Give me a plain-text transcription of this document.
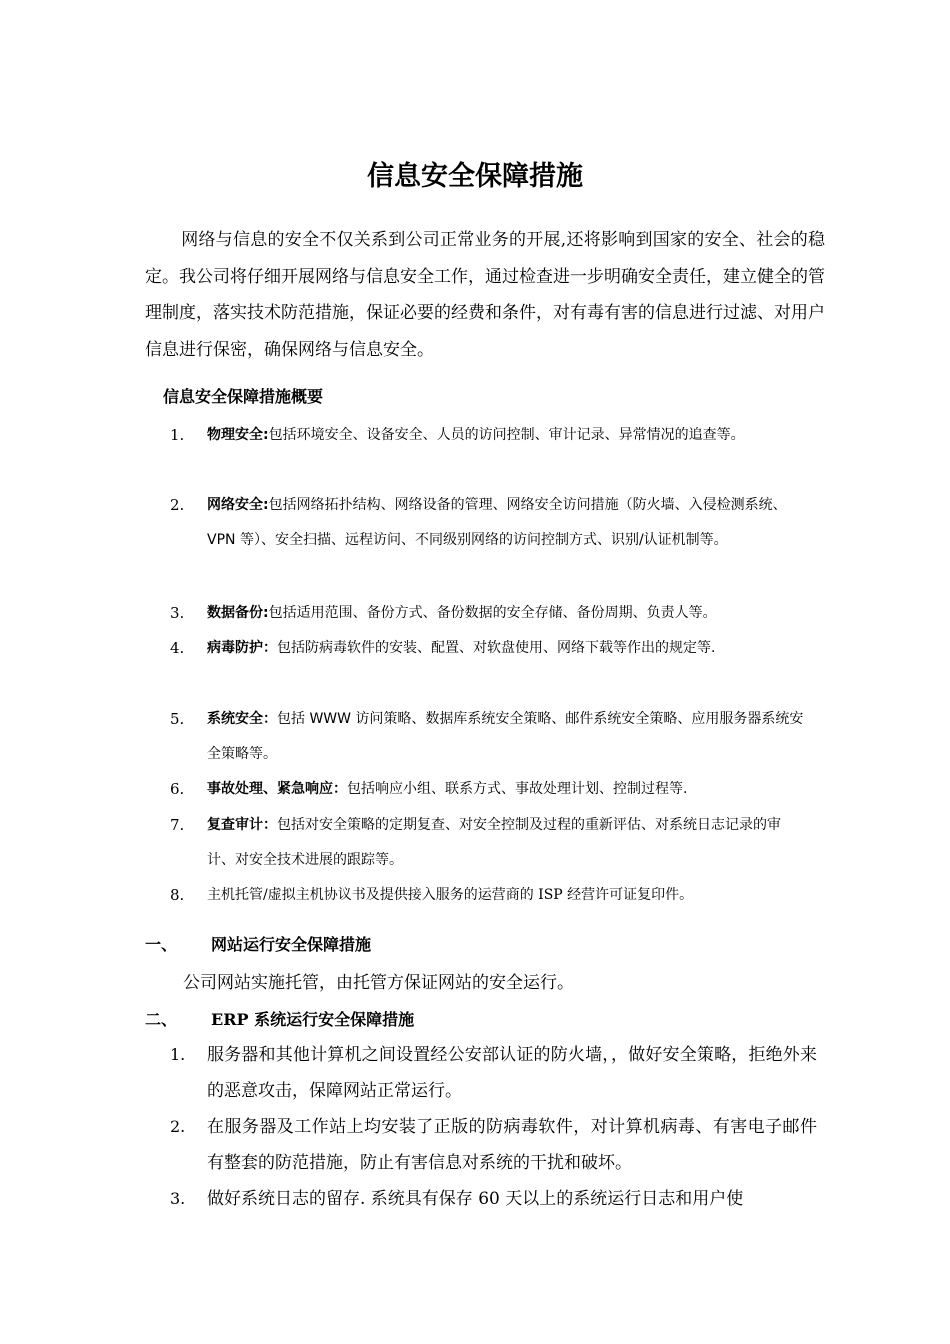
信息安全保障措施
网络与信息的安全不仅关系到公司正常业务的开展,还将影响到国家的安全、社会的稳定。我公司将仔细开展网络与信息安全工作，通过检查进一步明确安全责任，建立健全的管理制度，落实技术防范措施，保证必要的经费和条件，对有毒有害的信息进行过滤、对用户信息进行保密，确保网络与信息安全。
信息安全保障措施概要
1.	物理安全:包括环境安全、设备安全、人员的访问控制、审计记录、异常情况的追查等。
2.	网络安全:包括网络拓扑结构、网络设备的管理、网络安全访问措施（防火墙、入侵检测系统、VPN 等）、安全扫描、远程访问、不同级别网络的访问控制方式、识别/认证机制等。
3.	数据备份:包括适用范围、备份方式、备份数据的安全存储、备份周期、负责人等。
4.	病毒防护：包括防病毒软件的安装、配置、对软盘使用、网络下载等作出的规定等.
5.	系统安全：包括 WWW 访问策略、数据库系统安全策略、邮件系统安全策略、应用服务器系统安全策略等。
6.	事故处理、紧急响应：包括响应小组、联系方式、事故处理计划、控制过程等.
7.	复查审计：包括对安全策略的定期复查、对安全控制及过程的重新评估、对系统日志记录的审计、对安全技术进展的跟踪等。
8.	主机托管/虚拟主机协议书及提供接入服务的运营商的 ISP 经营许可证复印件。
一、 网站运行安全保障措施
公司网站实施托管，由托管方保证网站的安全运行。
二、 ERP 系统运行安全保障措施
1. 服务器和其他计算机之间设置经公安部认证的防火墙，，做好安全策略，拒绝外来的恶意攻击，保障网站正常运行。
2. 在服务器及工作站上均安装了正版的防病毒软件，对计算机病毒、有害电子邮件有整套的防范措施，防止有害信息对系统的干扰和破坏。
3. 做好系统日志的留存. 系统具有保存 60 天以上的系统运行日志和用户使
